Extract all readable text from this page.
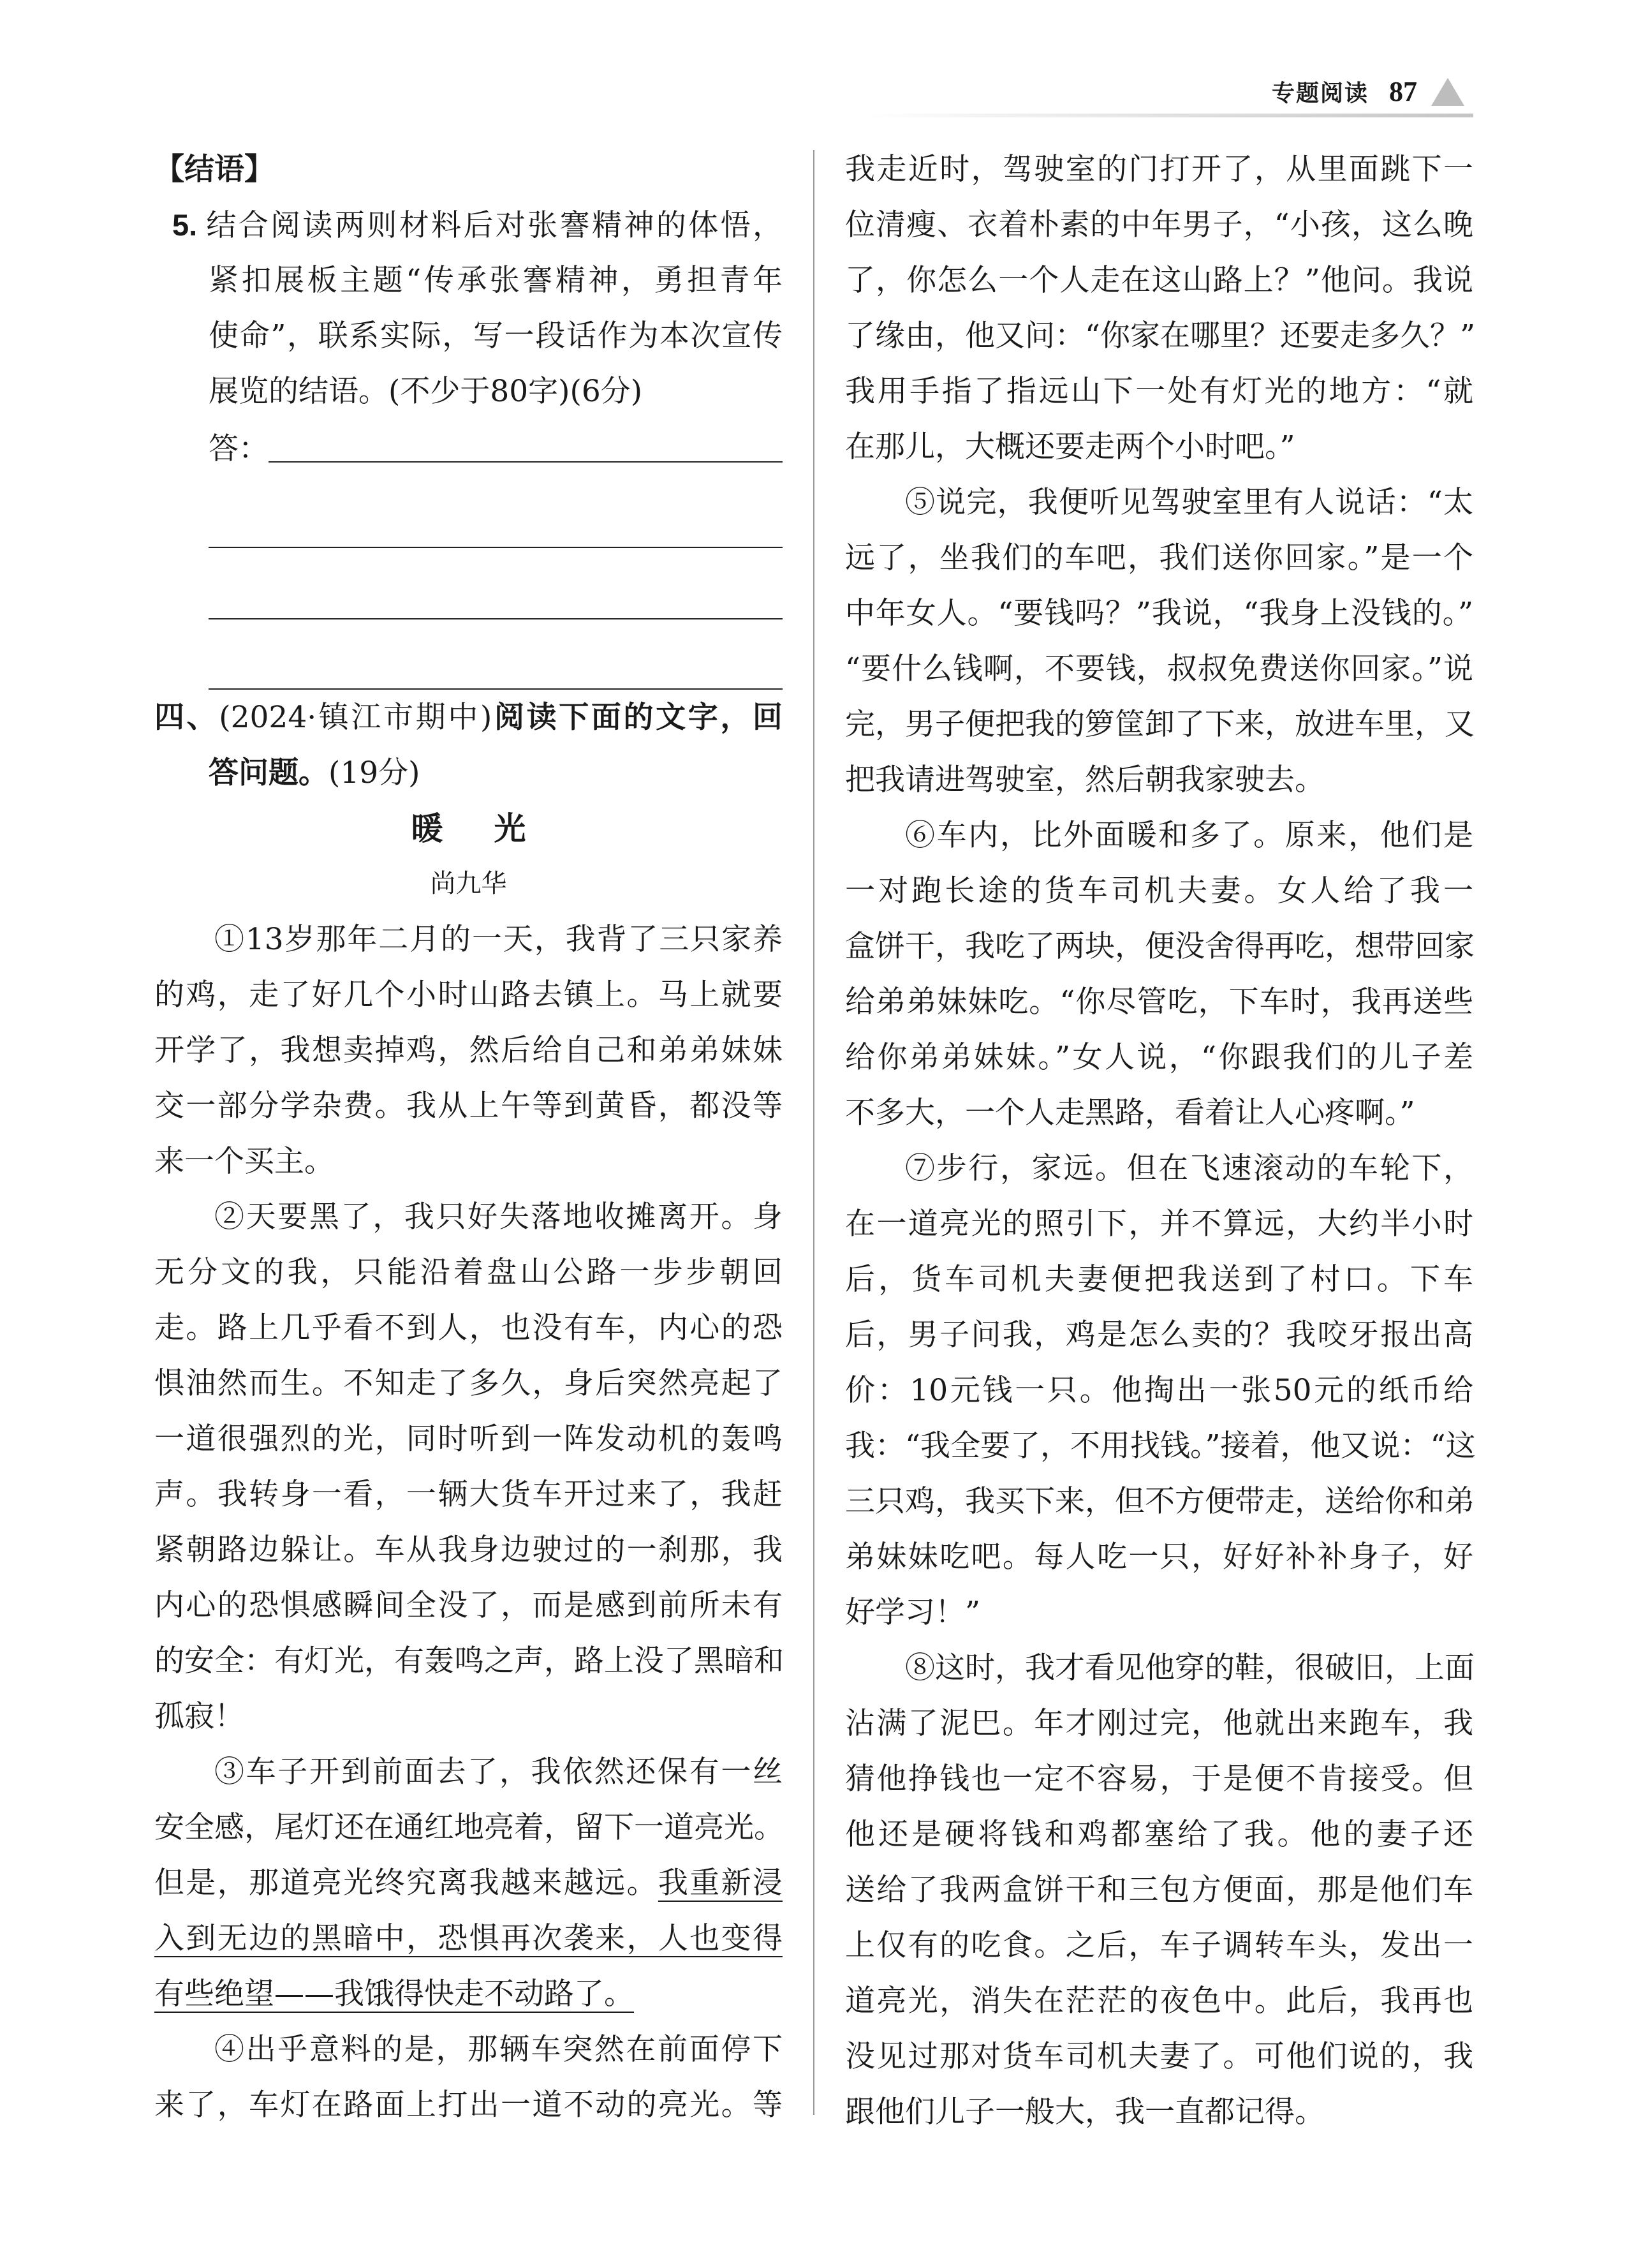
专题阅读 87
【结语】
5. 结合阅读两则材料后对张謇精神的体悟，
紧扣展板主题“传承张謇精神，勇担青年
使命”，联系实际，写一段话作为本次宣传
展览的结语。(不少于80字)(6分)
答：
四、(2024·镇江市期中)阅读下面的文字，回
答问题。(19分)
暖光
尚九华
①13岁那年二月的一天，我背了三只家养
的鸡，走了好几个小时山路去镇上。马上就要
开学了，我想卖掉鸡，然后给自己和弟弟妹妹
交一部分学杂费。我从上午等到黄昏，都没等
来一个买主。
②天要黑了，我只好失落地收摊离开。身
无分文的我，只能沿着盘山公路一步步朝回
走。路上几乎看不到人，也没有车，内心的恐
惧油然而生。不知走了多久，身后突然亮起了
一道很强烈的光，同时听到一阵发动机的轰鸣
声。我转身一看，一辆大货车开过来了，我赶
紧朝路边躲让。车从我身边驶过的一刹那，我
内心的恐惧感瞬间全没了，而是感到前所未有
的安全：有灯光，有轰鸣之声，路上没了黑暗和
孤寂！
③车子开到前面去了，我依然还保有一丝
安全感，尾灯还在通红地亮着，留下一道亮光。
但是，那道亮光终究离我越来越远。我重新浸
入到无边的黑暗中，恐惧再次袭来，人也变得
有些绝望——我饿得快走不动路了。
④出乎意料的是，那辆车突然在前面停下
来了，车灯在路面上打出一道不动的亮光。等
我走近时，驾驶室的门打开了，从里面跳下一
位清瘦、衣着朴素的中年男子，“小孩，这么晚
了，你怎么一个人走在这山路上？”他问。我说
了缘由，他又问：“你家在哪里？还要走多久？”
我用手指了指远山下一处有灯光的地方：“就
在那儿，大概还要走两个小时吧。”
⑤说完，我便听见驾驶室里有人说话：“太
远了，坐我们的车吧，我们送你回家。”是一个
中年女人。“要钱吗？”我说，“我身上没钱的。”
“要什么钱啊，不要钱，叔叔免费送你回家。”说
完，男子便把我的箩筐卸了下来，放进车里，又
把我请进驾驶室，然后朝我家驶去。
⑥车内，比外面暖和多了。原来，他们是
一对跑长途的货车司机夫妻。女人给了我一
盒饼干，我吃了两块，便没舍得再吃，想带回家
给弟弟妹妹吃。“你尽管吃，下车时，我再送些
给你弟弟妹妹。”女人说，“你跟我们的儿子差
不多大，一个人走黑路，看着让人心疼啊。”
⑦步行，家远。但在飞速滚动的车轮下，
在一道亮光的照引下，并不算远，大约半小时
后，货车司机夫妻便把我送到了村口。下车
后，男子问我，鸡是怎么卖的？我咬牙报出高
价：10元钱一只。他掏出一张50元的纸币给
我：“我全要了，不用找钱。”接着，他又说：“这
三只鸡，我买下来，但不方便带走，送给你和弟
弟妹妹吃吧。每人吃一只，好好补补身子，好
好学习！”
⑧这时，我才看见他穿的鞋，很破旧，上面
沾满了泥巴。年才刚过完，他就出来跑车，我
猜他挣钱也一定不容易，于是便不肯接受。但
他还是硬将钱和鸡都塞给了我。他的妻子还
送给了我两盒饼干和三包方便面，那是他们车
上仅有的吃食。之后，车子调转车头，发出一
道亮光，消失在茫茫的夜色中。此后，我再也
没见过那对货车司机夫妻了。可他们说的，我
跟他们儿子一般大，我一直都记得。
